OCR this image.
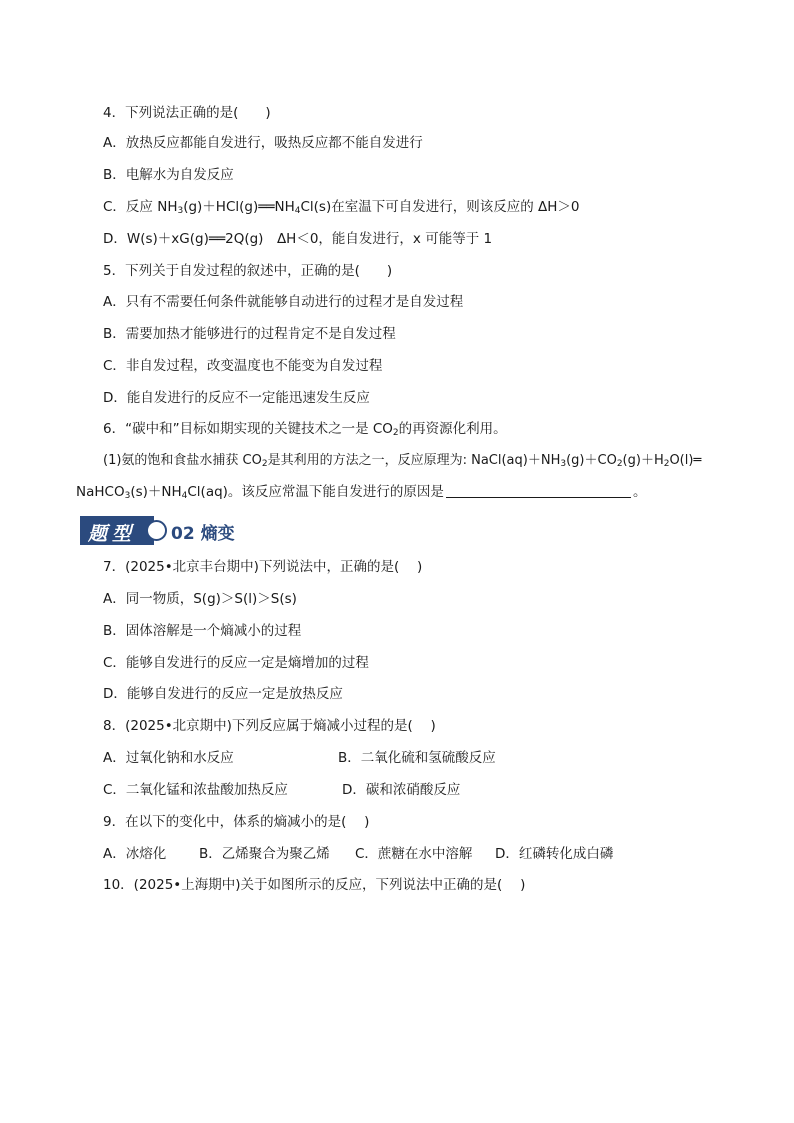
4．下列说法正确的是(　　)
A．放热反应都能自发进行，吸热反应都不能自发进行
B．电解水为自发反应
C．反应 $NH_3(g)+HCl(g)══NH_4Cl(s)$在室温下可自发进行，则该反应的 ΔH＞0
D．W(s)＋xG(g)══2Q(g)　ΔH＜0，能自发进行，x 可能等于 1
5．下列关于自发过程的叙述中，正确的是(　　)
A．只有不需要任何条件就能够自动进行的过程才是自发过程
B．需要加热才能够进行的过程肯定不是自发过程
C．非自发过程，改变温度也不能变为自发过程
D．能自发进行的反应不一定能迅速发生反应
6．“碳中和”目标如期实现的关键技术之一是 $CO_2$的再资源化利用。
(1)氨的饱和食盐水捕获 $CO_2$是其利用的方法之一，反应原理为: $NaCl(aq)+NH_3(g)+CO_2(g)+H_2O(l)═$
$NaHCO_3(s)+NH_4Cl(aq)$。该反应常温下能自发进行的原因是	。
题型 02 熵变
7．(2025•北京丰台期中)下列说法中，正确的是(　 )
A．同一物质，S(g)＞S(l)＞S(s)
B．固体溶解是一个熵减小的过程
C．能够自发进行的反应一定是熵增加的过程
D．能够自发进行的反应一定是放热反应
8．(2025•北京期中)下列反应属于熵减小过程的是(　 )
A．过氧化钠和水反应	B．二氧化硫和氢硫酸反应
C．二氧化锰和浓盐酸加热反应	D．碳和浓硝酸反应
9．在以下的变化中，体系的熵减小的是(　 )
A．冰熔化 B．乙烯聚合为聚乙烯 C．蔗糖在水中溶解 D．红磷转化成白磷
10．(2025•上海期中)关于如图所示的反应，下列说法中正确的是(　 )
